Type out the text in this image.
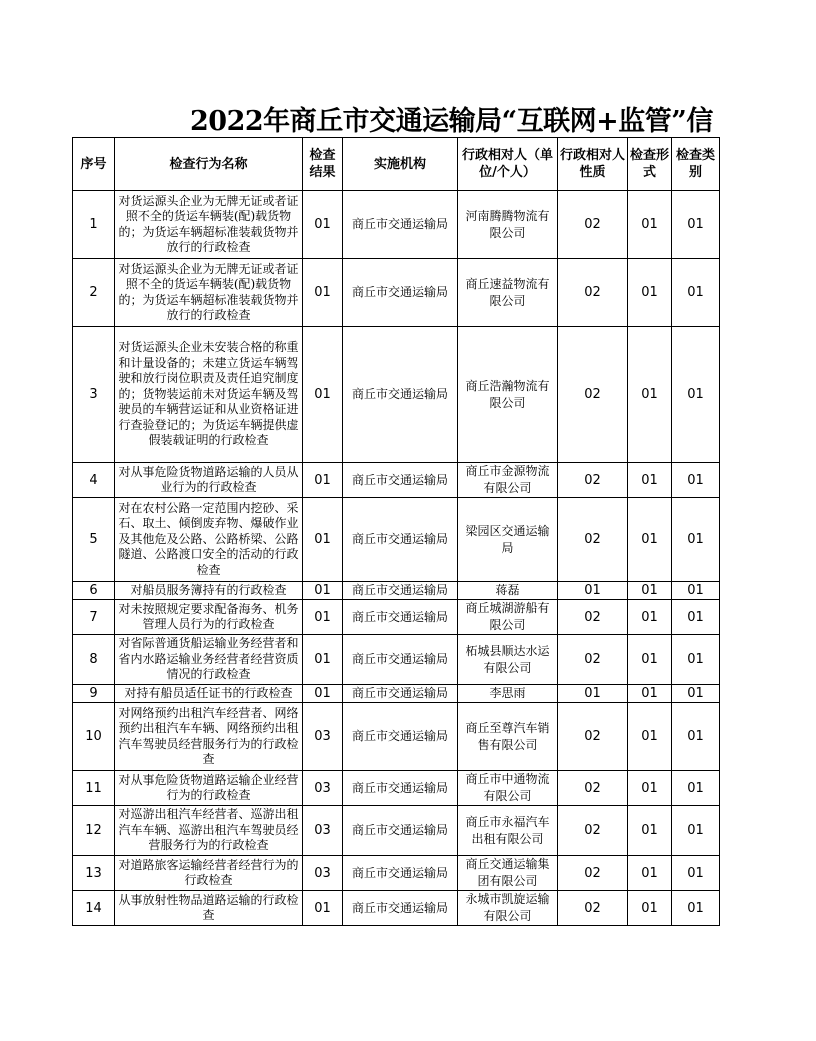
2022年商丘市交通运输局“互联网+监管”信
序号	检查行为名称	检查结果	实施机构	行政相对人（单位/个人）	行政相对人性质	检查形式	检查类别
1	对货运源头企业为无牌无证或者证照不全的货运车辆装(配)载货物的；为货运车辆超标准装载货物并放行的行政检查	01	商丘市交通运输局	河南腾腾物流有限公司	02	01	01
2	对货运源头企业为无牌无证或者证照不全的货运车辆装(配)载货物的；为货运车辆超标准装载货物并放行的行政检查	01	商丘市交通运输局	商丘速益物流有限公司	02	01	01
3	对货运源头企业未安装合格的称重和计量设备的；未建立货运车辆驾驶和放行岗位职责及责任追究制度的；货物装运前未对货运车辆及驾驶员的车辆营运证和从业资格证进行查验登记的；为货运车辆提供虚假装载证明的行政检查	01	商丘市交通运输局	商丘浩瀚物流有限公司	02	01	01
4	对从事危险货物道路运输的人员从业行为的行政检查	01	商丘市交通运输局	商丘市金源物流有限公司	02	01	01
5	对在农村公路一定范围内挖砂、采石、取土、倾倒废弃物、爆破作业及其他危及公路、公路桥梁、公路隧道、公路渡口安全的活动的行政检查	01	商丘市交通运输局	梁园区交通运输局	02	01	01
6	对船员服务簿持有的行政检查	01	商丘市交通运输局	蒋磊	01	01	01
7	对未按照规定要求配备海务、机务管理人员行为的行政检查	01	商丘市交通运输局	商丘城湖游船有限公司	02	01	01
8	对省际普通货船运输业务经营者和省内水路运输业务经营者经营资质情况的行政检查	01	商丘市交通运输局	柘城县顺达水运有限公司	02	01	01
9	对持有船员适任证书的行政检查	01	商丘市交通运输局	李思雨	01	01	01
10	对网络预约出租汽车经营者、网络预约出租汽车车辆、网络预约出租汽车驾驶员经营服务行为的行政检查	03	商丘市交通运输局	商丘至尊汽车销售有限公司	02	01	01
11	对从事危险货物道路运输企业经营行为的行政检查	03	商丘市交通运输局	商丘市中通物流有限公司	02	01	01
12	对巡游出租汽车经营者、巡游出租汽车车辆、巡游出租汽车驾驶员经营服务行为的行政检查	03	商丘市交通运输局	商丘市永福汽车出租有限公司	02	01	01
13	对道路旅客运输经营者经营行为的行政检查	03	商丘市交通运输局	商丘交通运输集团有限公司	02	01	01
14	从事放射性物品道路运输的行政检查	01	商丘市交通运输局	永城市凯旋运输有限公司	02	01	01
